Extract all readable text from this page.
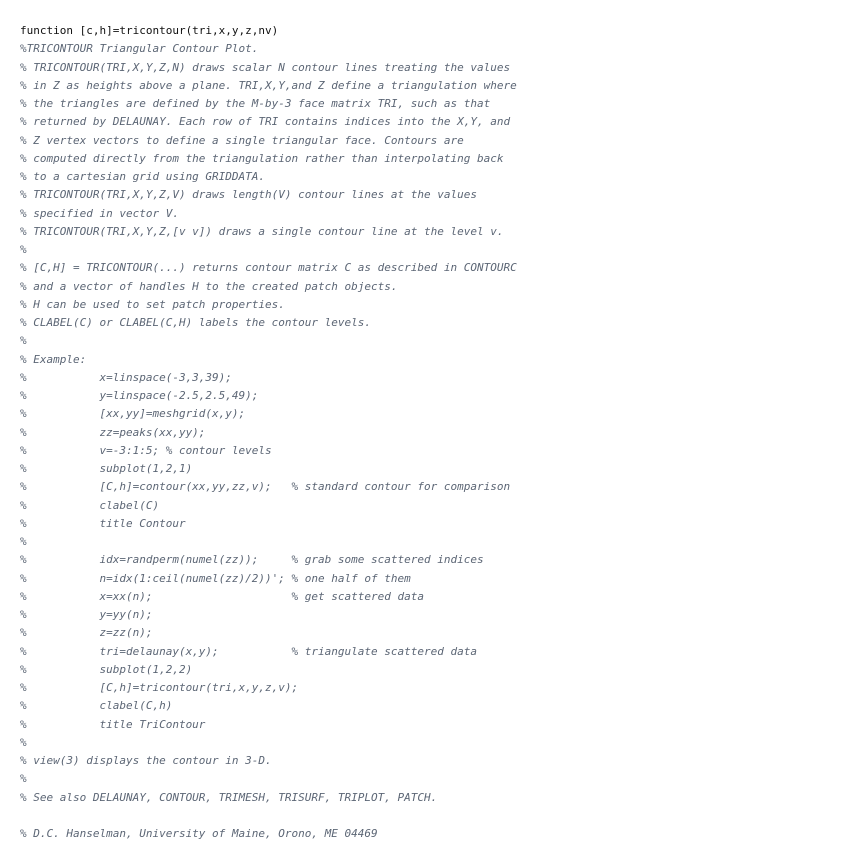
function [c,h]=tricontour(tri,x,y,z,nv)
%TRICONTOUR Triangular Contour Plot.
% TRICONTOUR(TRI,X,Y,Z,N) draws scalar N contour lines treating the values
% in Z as heights above a plane. TRI,X,Y,and Z define a triangulation where
% the triangles are defined by the M-by-3 face matrix TRI, such as that
% returned by DELAUNAY. Each row of TRI contains indices into the X,Y, and
% Z vertex vectors to define a single triangular face. Contours are
% computed directly from the triangulation rather than interpolating back
% to a cartesian grid using GRIDDATA.
% TRICONTOUR(TRI,X,Y,Z,V) draws length(V) contour lines at the values
% specified in vector V.
% TRICONTOUR(TRI,X,Y,Z,[v v]) draws a single contour line at the level v.
%
% [C,H] = TRICONTOUR(...) returns contour matrix C as described in CONTOURC
% and a vector of handles H to the created patch objects.
% H can be used to set patch properties.
% CLABEL(C) or CLABEL(C,H) labels the contour levels.
%
% Example:
%           x=linspace(-3,3,39);
%           y=linspace(-2.5,2.5,49);
%           [xx,yy]=meshgrid(x,y);
%           zz=peaks(xx,yy);
%           v=-3:1:5; % contour levels
%           subplot(1,2,1)
%           [C,h]=contour(xx,yy,zz,v);   % standard contour for comparison
%           clabel(C)
%           title Contour
%
%           idx=randperm(numel(zz));     % grab some scattered indices
%           n=idx(1:ceil(numel(zz)/2))'; % one half of them
%           x=xx(n);                     % get scattered data
%           y=yy(n);
%           z=zz(n);
%           tri=delaunay(x,y);           % triangulate scattered data
%           subplot(1,2,2)
%           [C,h]=tricontour(tri,x,y,z,v);
%           clabel(C,h)
%           title TriContour
%
% view(3) displays the contour in 3-D.
%
% See also DELAUNAY, CONTOUR, TRIMESH, TRISURF, TRIPLOT, PATCH.
% D.C. Hanselman, University of Maine, Orono, ME 04469
